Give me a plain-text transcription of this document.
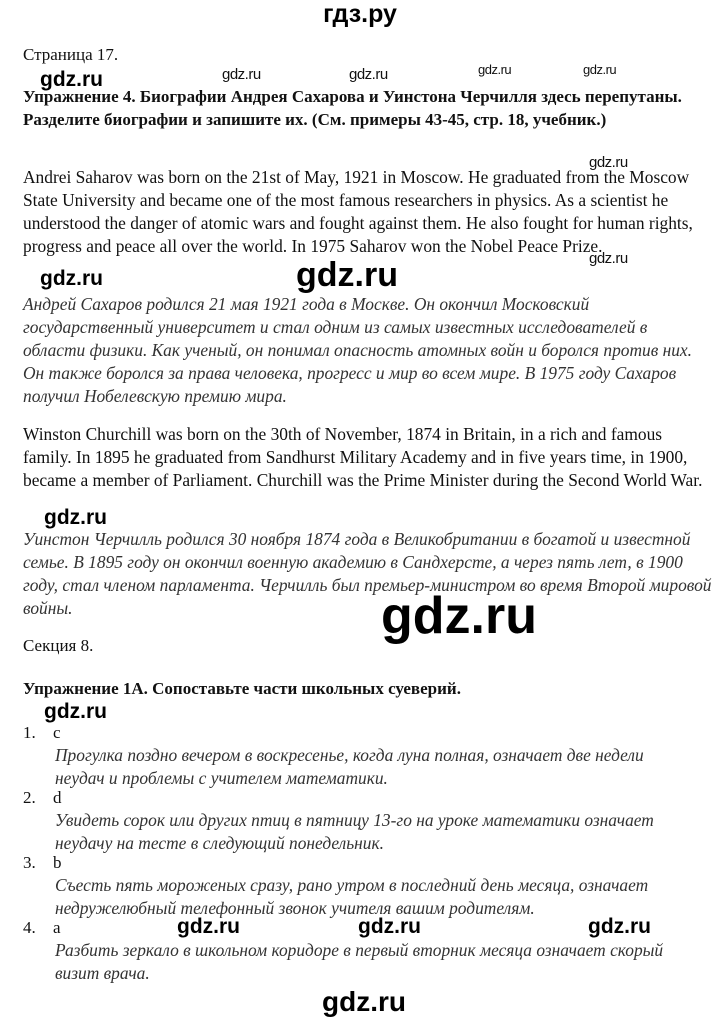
гдз.ру
Страница 17.
gdz.ru	gdz.ru	gdz.ru	gdz.ru	gdz.ru
Упражнение 4. Биографии Андрея Сахарова и Уинстона Черчилля здесь перепутаны. Разделите биографии и запишите их. (См. примеры 43-45, стр. 18, учебник.)
gdz.ru
Andrei Saharov was born on the 21st of May, 1921 in Moscow. He graduated from the Moscow State University and became one of the most famous researchers in physics. As a scientist he understood the danger of atomic wars and fought against them. He also fought for human rights, progress and peace all over the world. In 1975 Saharov won the Nobel Peace Prize.
gdz.ru
gdz.ru	gdz.ru
Андрей Сахаров родился 21 мая 1921 года в Москве. Он окончил Московский государственный университет и стал одним из самых известных исследователей в области физики. Как ученый, он понимал опасность атомных войн и боролся против них. Он также боролся за права человека, прогресс и мир во всем мире. В 1975 году Сахаров получил Нобелевскую премию мира.
Winston Churchill was born on the 30th of November, 1874 in Britain, in a rich and famous family. In 1895 he graduated from Sandhurst Military Academy and in five years time, in 1900, became a member of Parliament. Churchill was the Prime Minister during the Second World War.
gdz.ru
Уинстон Черчилль родился 30 ноября 1874 года в Великобритании в богатой и известной семье. В 1895 году он окончил военную академию в Сандхерсте, а через пять лет, в 1900 году, стал членом парламента. Черчилль был премьер-министром во время Второй мировой войны.	gdz.ru
Секция 8.
Упражнение 1A. Сопоставьте части школьных суеверий.
gdz.ru
1. c
Прогулка поздно вечером в воскресенье, когда луна полная, означает две недели неудач и проблемы с учителем математики.
2. d
Увидеть сорок или других птиц в пятницу 13-го на уроке математики означает неудачу на тесте в следующий понедельник.
3. b
Съесть пять мороженых сразу, рано утром в последний день месяца, означает недружелюбный телефонный звонок учителя вашим родителям.
4. a
Разбить зеркало в школьном коридоре в первый вторник месяца означает скорый визит врача.
gdz.ru	gdz.ru	gdz.ru
gdz.ru
